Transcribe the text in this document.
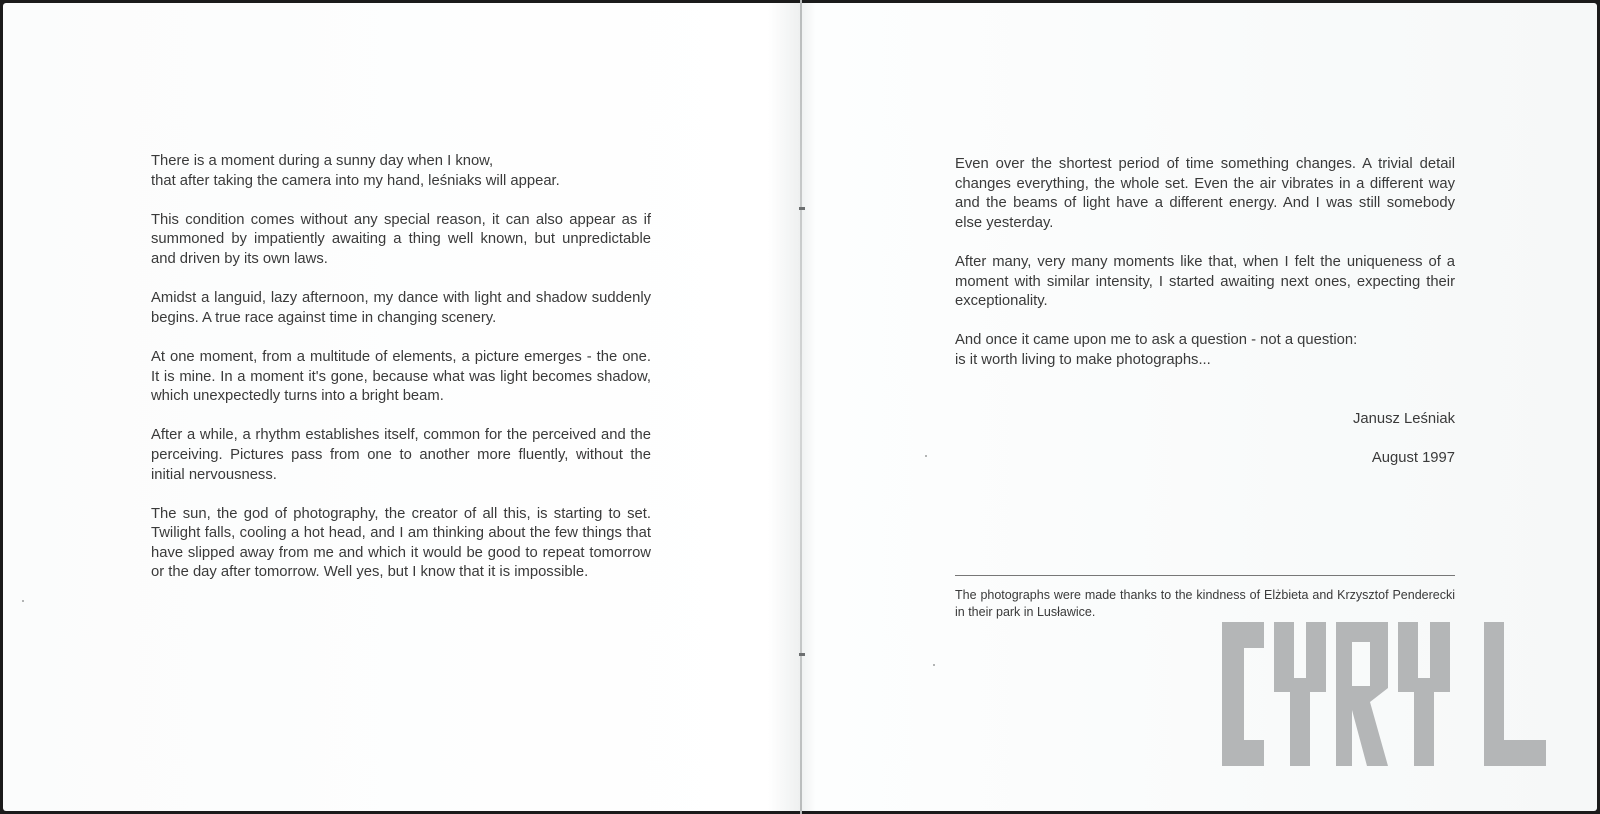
There is a moment during a sunny day when I know,
that after taking the camera into my hand, leśniaks will appear.

This condition comes without any special reason, it can also appear as if summoned by impatiently awaiting a thing well known, but unpredictable and driven by its own laws.

Amidst a languid, lazy afternoon, my dance with light and shadow suddenly begins. A true race against time in changing scenery.

At one moment, from a multitude of elements, a picture emerges - the one. It is mine. In a moment it's gone, because what was light becomes shadow, which unexpectedly turns into a bright beam.

After a while, a rhythm establishes itself, common for the perceived and the perceiving. Pictures pass from one to another more fluently, without the initial nervousness.

The sun, the god of photography, the creator of all this, is starting to set. Twilight falls, cooling a hot head, and I am thinking about the few things that have slipped away from me and which it would be good to repeat tomorrow or the day after tomorrow. Well yes, but I know that it is impossible.

Even over the shortest period of time something changes. A trivial detail changes everything, the whole set. Even the air vibrates in a different way and the beams of light have a different energy. And I was still somebody else yesterday.

After many, very many moments like that, when I felt the uniqueness of a moment with similar intensity, I started awaiting next ones, expecting their exceptionality.

And once it came upon me to ask a question - not a question:
is it worth living to make photographs...

Janusz Leśniak

August 1997

The photographs were made thanks to the kindness of Elżbieta and Krzysztof Penderecki in their park in Lusławice.
